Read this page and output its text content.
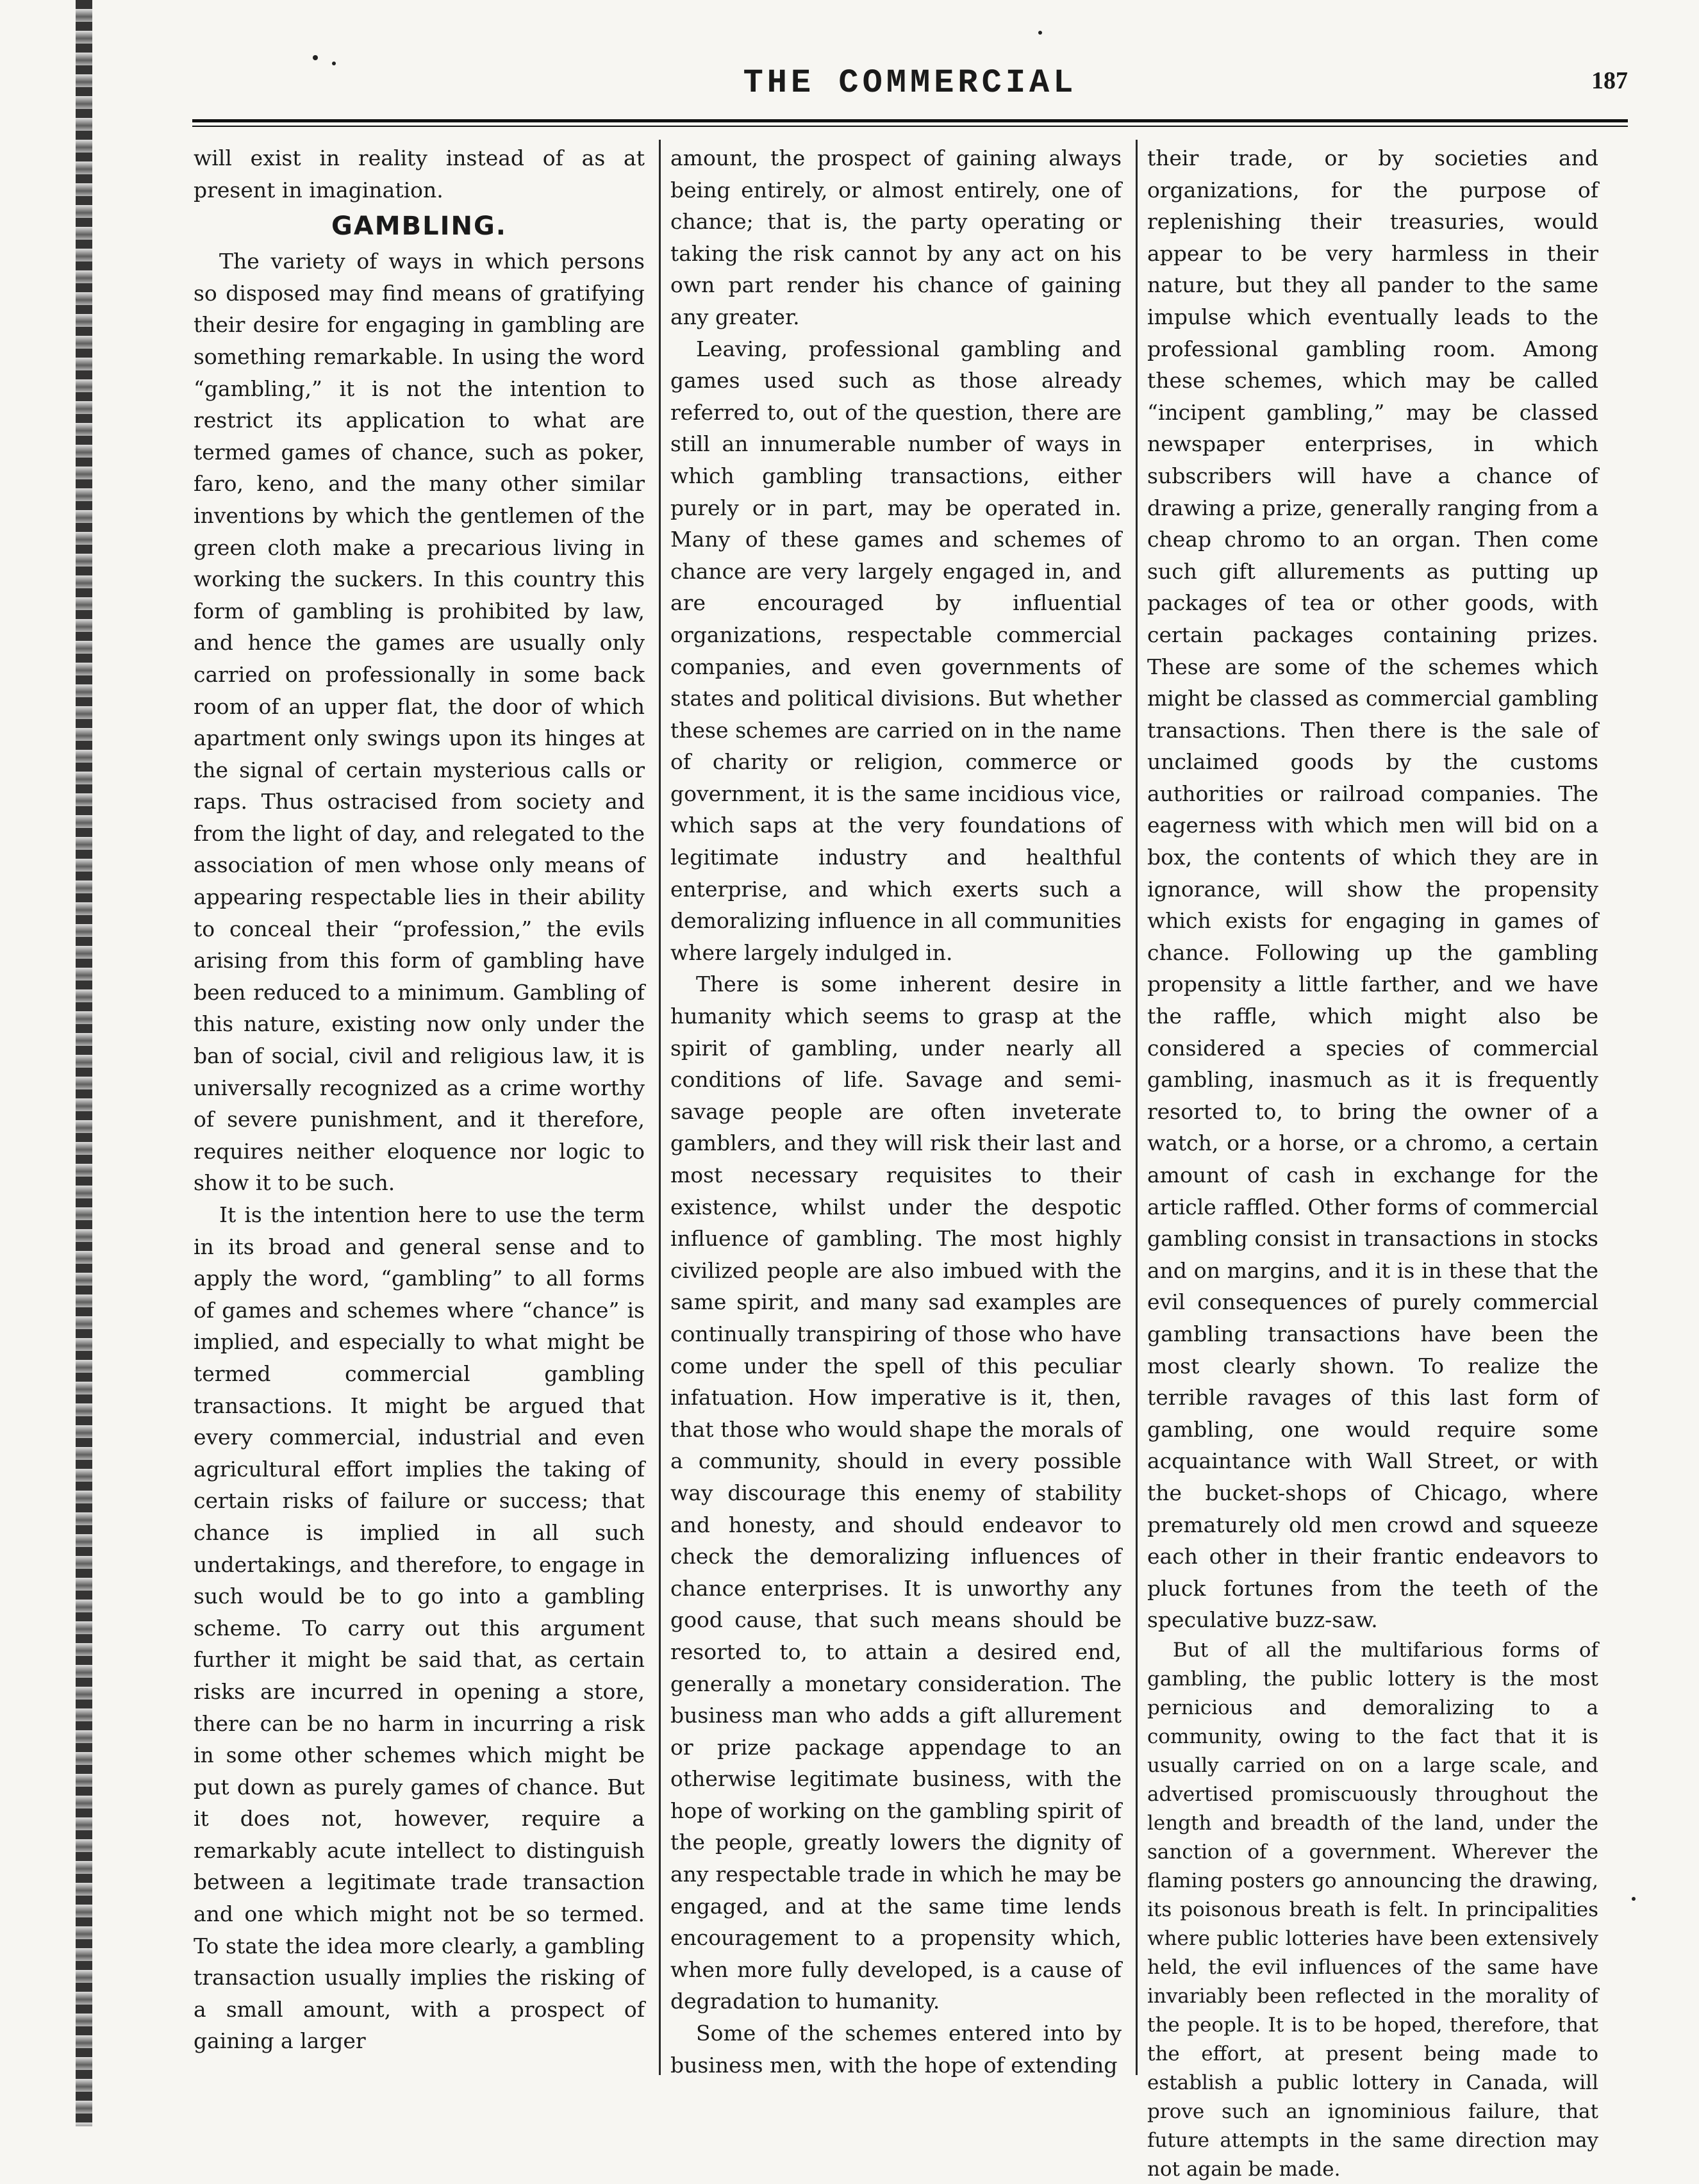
THE COMMERCIAL	187

will exist in reality instead of as at present in imagination.

GAMBLING.

The variety of ways in which persons so disposed may find means of gratifying their desire for engaging in gambling are something remarkable. In using the word “gambling,” it is not the intention to restrict its application to what are termed games of chance, such as poker, faro, keno, and the many other similar inventions by which the gentlemen of the green cloth make a precarious living in working the suckers. In this country this form of gambling is prohibited by law, and hence the games are usually only carried on professionally in some back room of an upper flat, the door of which apartment only swings upon its hinges at the signal of certain mysterious calls or raps. Thus ostracised from society and from the light of day, and relegated to the association of men whose only means of appearing respectable lies in their ability to conceal their “profession,” the evils arising from this form of gambling have been reduced to a minimum. Gambling of this nature, existing now only under the ban of social, civil and religious law, it is universally recognized as a crime worthy of severe punishment, and it therefore, requires neither eloquence nor logic to show it to be such.

It is the intention here to use the term in its broad and general sense and to apply the word, “gambling” to all forms of games and schemes where “chance” is implied, and especially to what might be termed commercial gambling transactions. It might be argued that every commercial, industrial and even agricultural effort implies the taking of certain risks of failure or success; that chance is implied in all such undertakings, and therefore, to engage in such would be to go into a gambling scheme. To carry out this argument further it might be said that, as certain risks are incurred in opening a store, there can be no harm in incurring a risk in some other schemes which might be put down as purely games of chance. But it does not, however, require a remarkably acute intellect to distinguish between a legitimate trade transaction and one which might not be so termed. To state the idea more clearly, a gambling transaction usually implies the risking of a small amount, with a prospect of gaining a larger

amount, the prospect of gaining always being entirely, or almost entirely, one of chance; that is, the party operating or taking the risk cannot by any act on his own part render his chance of gaining any greater.

Leaving, professional gambling and games used such as those already referred to, out of the question, there are still an innumerable number of ways in which gambling transactions, either purely or in part, may be operated in. Many of these games and schemes of chance are very largely engaged in, and are encouraged by influential organizations, respectable commercial companies, and even governments of states and political divisions. But whether these schemes are carried on in the name of charity or religion, commerce or government, it is the same incidious vice, which saps at the very foundations of legitimate industry and healthful enterprise, and which exerts such a demoralizing influence in all communities where largely indulged in.

There is some inherent desire in humanity which seems to grasp at the spirit of gambling, under nearly all conditions of life. Savage and semi-savage people are often inveterate gamblers, and they will risk their last and most necessary requisites to their existence, whilst under the despotic influence of gambling. The most highly civilized people are also imbued with the same spirit, and many sad examples are continually transpiring of those who have come under the spell of this peculiar infatuation. How imperative is it, then, that those who would shape the morals of a community, should in every possible way discourage this enemy of stability and honesty, and should endeavor to check the demoralizing influences of chance enterprises. It is unworthy any good cause, that such means should be resorted to, to attain a desired end, generally a monetary consideration. The business man who adds a gift allurement or prize package appendage to an otherwise legitimate business, with the hope of working on the gambling spirit of the people, greatly lowers the dignity of any respectable trade in which he may be engaged, and at the same time lends encouragement to a propensity which, when more fully developed, is a cause of degradation to humanity.

Some of the schemes entered into by business men, with the hope of extending

their trade, or by societies and organizations, for the purpose of replenishing their treasuries, would appear to be very harmless in their nature, but they all pander to the same impulse which eventually leads to the professional gambling room. Among these schemes, which may be called “incipent gambling,” may be classed newspaper enterprises, in which subscribers will have a chance of drawing a prize, generally ranging from a cheap chromo to an organ. Then come such gift allurements as putting up packages of tea or other goods, with certain packages containing prizes. These are some of the schemes which might be classed as commercial gambling transactions. Then there is the sale of unclaimed goods by the customs authorities or railroad companies. The eagerness with which men will bid on a box, the contents of which they are in ignorance, will show the propensity which exists for engaging in games of chance. Following up the gambling propensity a little farther, and we have the raffle, which might also be considered a species of commercial gambling, inasmuch as it is frequently resorted to, to bring the owner of a watch, or a horse, or a chromo, a certain amount of cash in exchange for the article raffled. Other forms of commercial gambling consist in transactions in stocks and on margins, and it is in these that the evil consequences of purely commercial gambling transactions have been the most clearly shown. To realize the terrible ravages of this last form of gambling, one would require some acquaintance with Wall Street, or with the bucket-shops of Chicago, where prematurely old men crowd and squeeze each other in their frantic endeavors to pluck fortunes from the teeth of the speculative buzz-saw.

But of all the multifarious forms of gambling, the public lottery is the most pernicious and demoralizing to a community, owing to the fact that it is usually carried on on a large scale, and advertised promiscuously throughout the length and breadth of the land, under the sanction of a government. Wherever the flaming posters go announcing the drawing, its poisonous breath is felt. In principalities where public lotteries have been extensively held, the evil influences of the same have invariably been reflected in the morality of the people. It is to be hoped, therefore, that the effort, at present being made to establish a public lottery in Canada, will prove such an ignominious failure, that future attempts in the same direction may not again be made.
